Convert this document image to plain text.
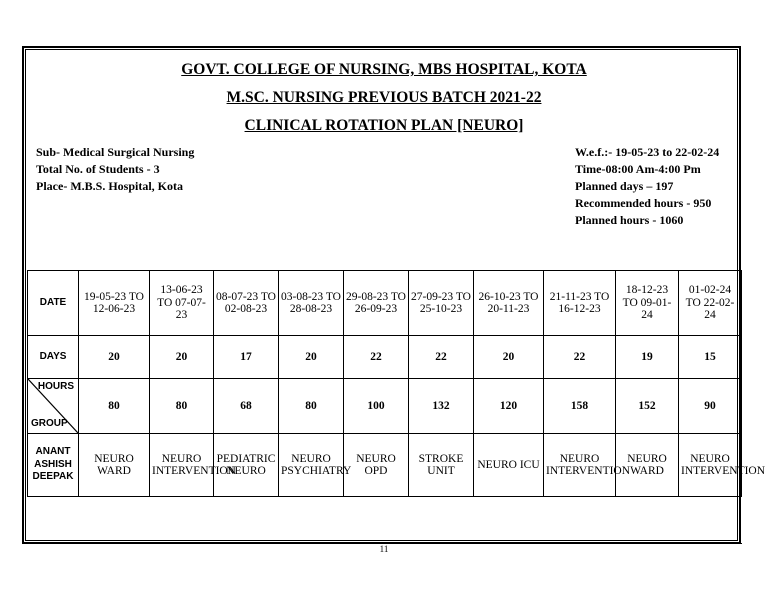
GOVT. COLLEGE OF NURSING, MBS HOSPITAL, KOTA
M.SC. NURSING PREVIOUS BATCH 2021-22
CLINICAL ROTATION PLAN [NEURO]
Sub- Medical Surgical Nursing
Total No. of Students - 3
Place- M.B.S. Hospital, Kota
W.e.f.:- 19-05-23 to 22-02-24
Time-08:00 Am-4:00 Pm
Planned days – 197
Recommended hours - 950
Planned hours - 1060
DATE	19-05-23 TO 12-06-23	13-06-23 TO 07-07-23	08-07-23 TO 02-08-23	03-08-23 TO 28-08-23	29-08-23 TO 26-09-23	27-09-23 TO 25-10-23	26-10-23 TO 20-11-23	21-11-23 TO 16-12-23	18-12-23 TO 09-01-24	01-02-24 TO 22-02-24
DAYS	20	20	17	20	22	22	20	22	19	15

HOURS
GROUP	80	80	68	80	100	132	120	158	152	90

ANANT
ASHISH
DEEPAK	NEURO WARD	NEURO INTERVENTION	PEDIATRIC NEURO	NEURO PSYCHIATRY	NEURO OPD	STROKE UNIT	NEURO ICU	NEURO INTERVENTION	NEURO WARD	NEURO INTERVENTION

11
